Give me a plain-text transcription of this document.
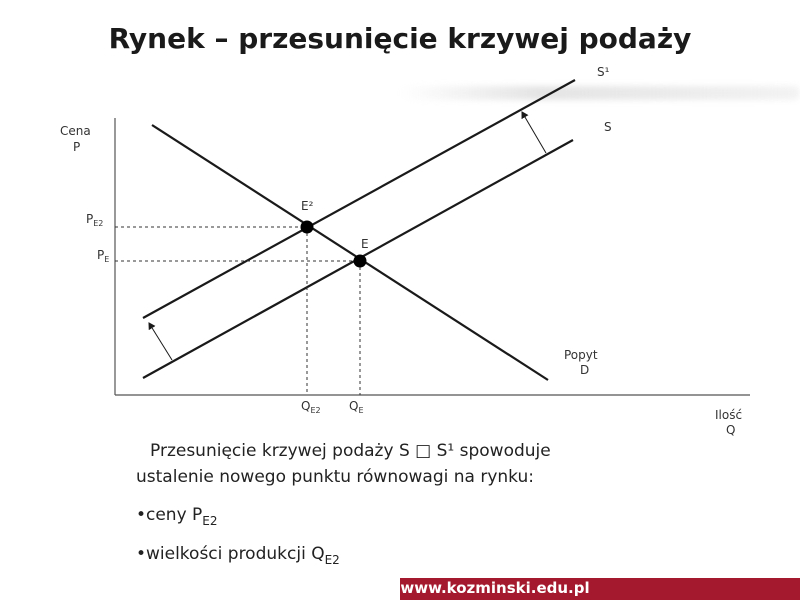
Rynek – przesunięcie krzywej podaży
Cena
P
Ilość
Q
S¹
S
Popyt
D
E²
E
$P_{E2}$
$P_E$
$Q_{E2}$ $Q_E$
Przesunięcie krzywej podaży S □ S¹ spowoduje
ustalenie nowego punktu równowagi na rynku:
•ceny $P_{E2}$
•wielkości produkcji $Q_{E2}$
www.kozminski.edu.pl
